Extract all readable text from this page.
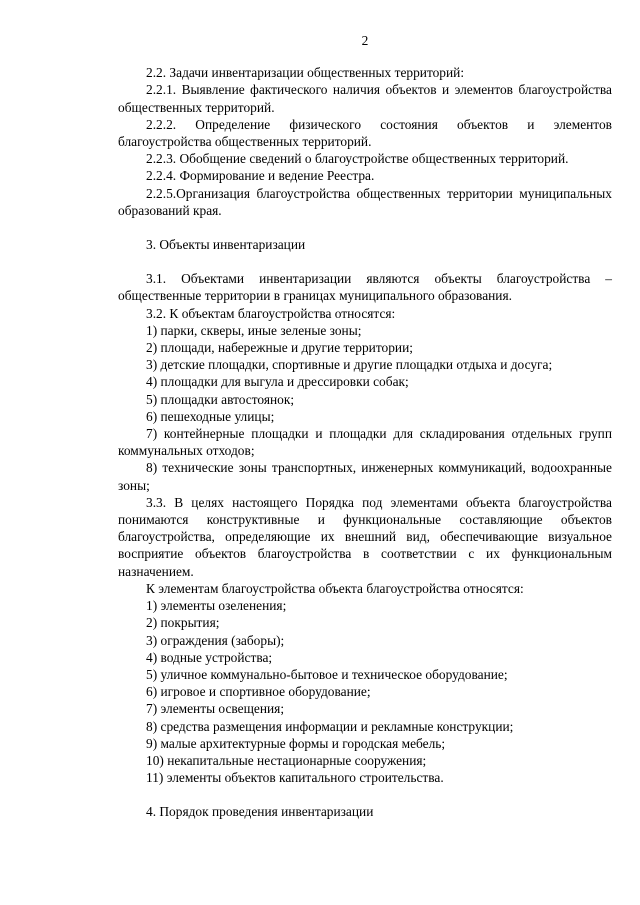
2

2.2. Задачи инвентаризации общественных территорий:

2.2.1. Выявление фактического наличия объектов и элементов благоустройства общественных территорий.

2.2.2. Определение физического состояния объектов и элементов благоустройства общественных территорий.

2.2.3. Обобщение сведений о благоустройстве общественных территорий.

2.2.4. Формирование и ведение Реестра.

2.2.5.Организация благоустройства общественных территории муниципальных образований края.

3. Объекты инвентаризации

3.1. Объектами инвентаризации являются объекты благоустройства – общественные территории в границах муниципального образования.

3.2. К объектам благоустройства относятся:

1) парки, скверы, иные зеленые зоны;

2) площади, набережные и другие территории;

3) детские площадки, спортивные и другие площадки отдыха и досуга;

4) площадки для выгула и дрессировки собак;

5) площадки автостоянок;

6) пешеходные улицы;

7) контейнерные площадки и площадки для складирования отдельных групп коммунальных отходов;

8) технические зоны транспортных, инженерных коммуникаций, водоохранные зоны;

3.3. В целях настоящего Порядка под элементами объекта благоустройства понимаются конструктивные и функциональные составляющие объектов благоустройства, определяющие их внешний вид, обеспечивающие визуальное восприятие объектов благоустройства в соответствии с их функциональным назначением.

К элементам благоустройства объекта благоустройства относятся:

1) элементы озеленения;

2) покрытия;

3) ограждения (заборы);

4) водные устройства;

5) уличное коммунально-бытовое и техническое оборудование;

6) игровое и спортивное оборудование;

7) элементы освещения;

8) средства размещения информации и рекламные конструкции;

9) малые архитектурные формы и городская мебель;

10) некапитальные нестационарные сооружения;

11) элементы объектов капитального строительства.

4. Порядок проведения инвентаризации
